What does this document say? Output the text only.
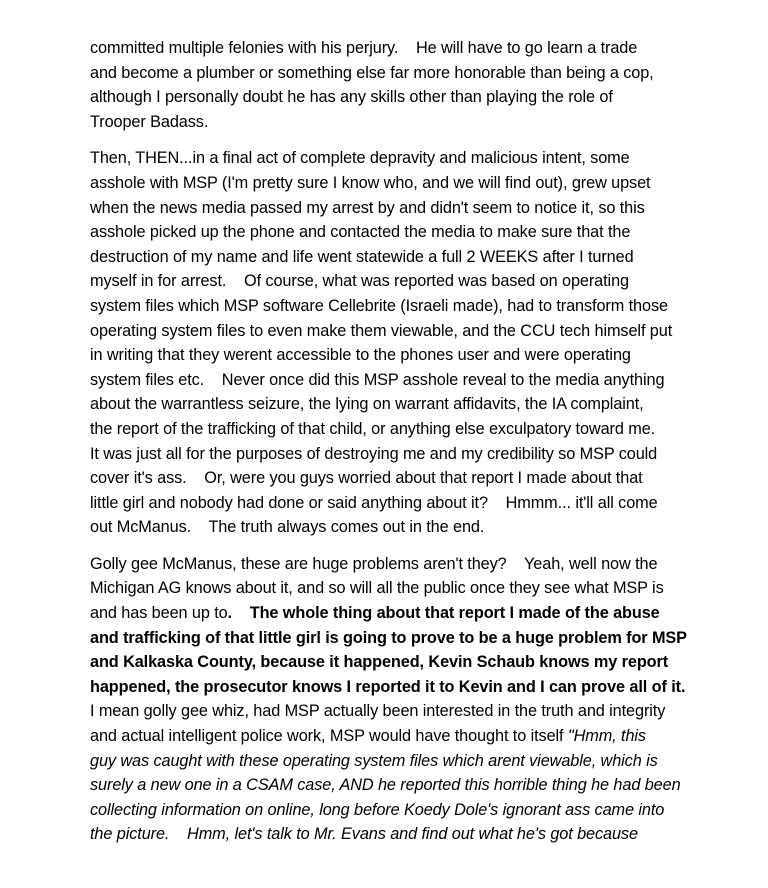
committed multiple felonies with his perjury.    He will have to go learn a trade
and become a plumber or something else far more honorable than being a cop,
although I personally doubt he has any skills other than playing the role of
Trooper Badass.
Then, THEN...in a final act of complete depravity and malicious intent, some
asshole with MSP (I'm pretty sure I know who, and we will find out), grew upset
when the news media passed my arrest by and didn't seem to notice it, so this
asshole picked up the phone and contacted the media to make sure that the
destruction of my name and life went statewide a full 2 WEEKS after I turned
myself in for arrest.    Of course, what was reported was based on operating
system files which MSP software Cellebrite (Israeli made), had to transform those
operating system files to even make them viewable, and the CCU tech himself put
in writing that they werent accessible to the phones user and were operating
system files etc.    Never once did this MSP asshole reveal to the media anything
about the warrantless seizure, the lying on warrant affidavits, the IA complaint,
the report of the trafficking of that child, or anything else exculpatory toward me.
It was just all for the purposes of destroying me and my credibility so MSP could
cover it's ass.    Or, were you guys worried about that report I made about that
little girl and nobody had done or said anything about it?    Hmmm... it'll all come
out McManus.    The truth always comes out in the end.
Golly gee McManus, these are huge problems aren't they?    Yeah, well now the
Michigan AG knows about it, and so will all the public once they see what MSP is
and has been up to.    The whole thing about that report I made of the abuse
and trafficking of that little girl is going to prove to be a huge problem for MSP
and Kalkaska County, because it happened, Kevin Schaub knows my report
happened, the prosecutor knows I reported it to Kevin and I can prove all of it.
I mean golly gee whiz, had MSP actually been interested in the truth and integrity
and actual intelligent police work, MSP would have thought to itself "Hmm, this
guy was caught with these operating system files which arent viewable, which is
surely a new one in a CSAM case, AND he reported this horrible thing he had been
collecting information on online, long before Koedy Dole's ignorant ass came into
the picture.    Hmm, let's talk to Mr. Evans and find out what he's got because
